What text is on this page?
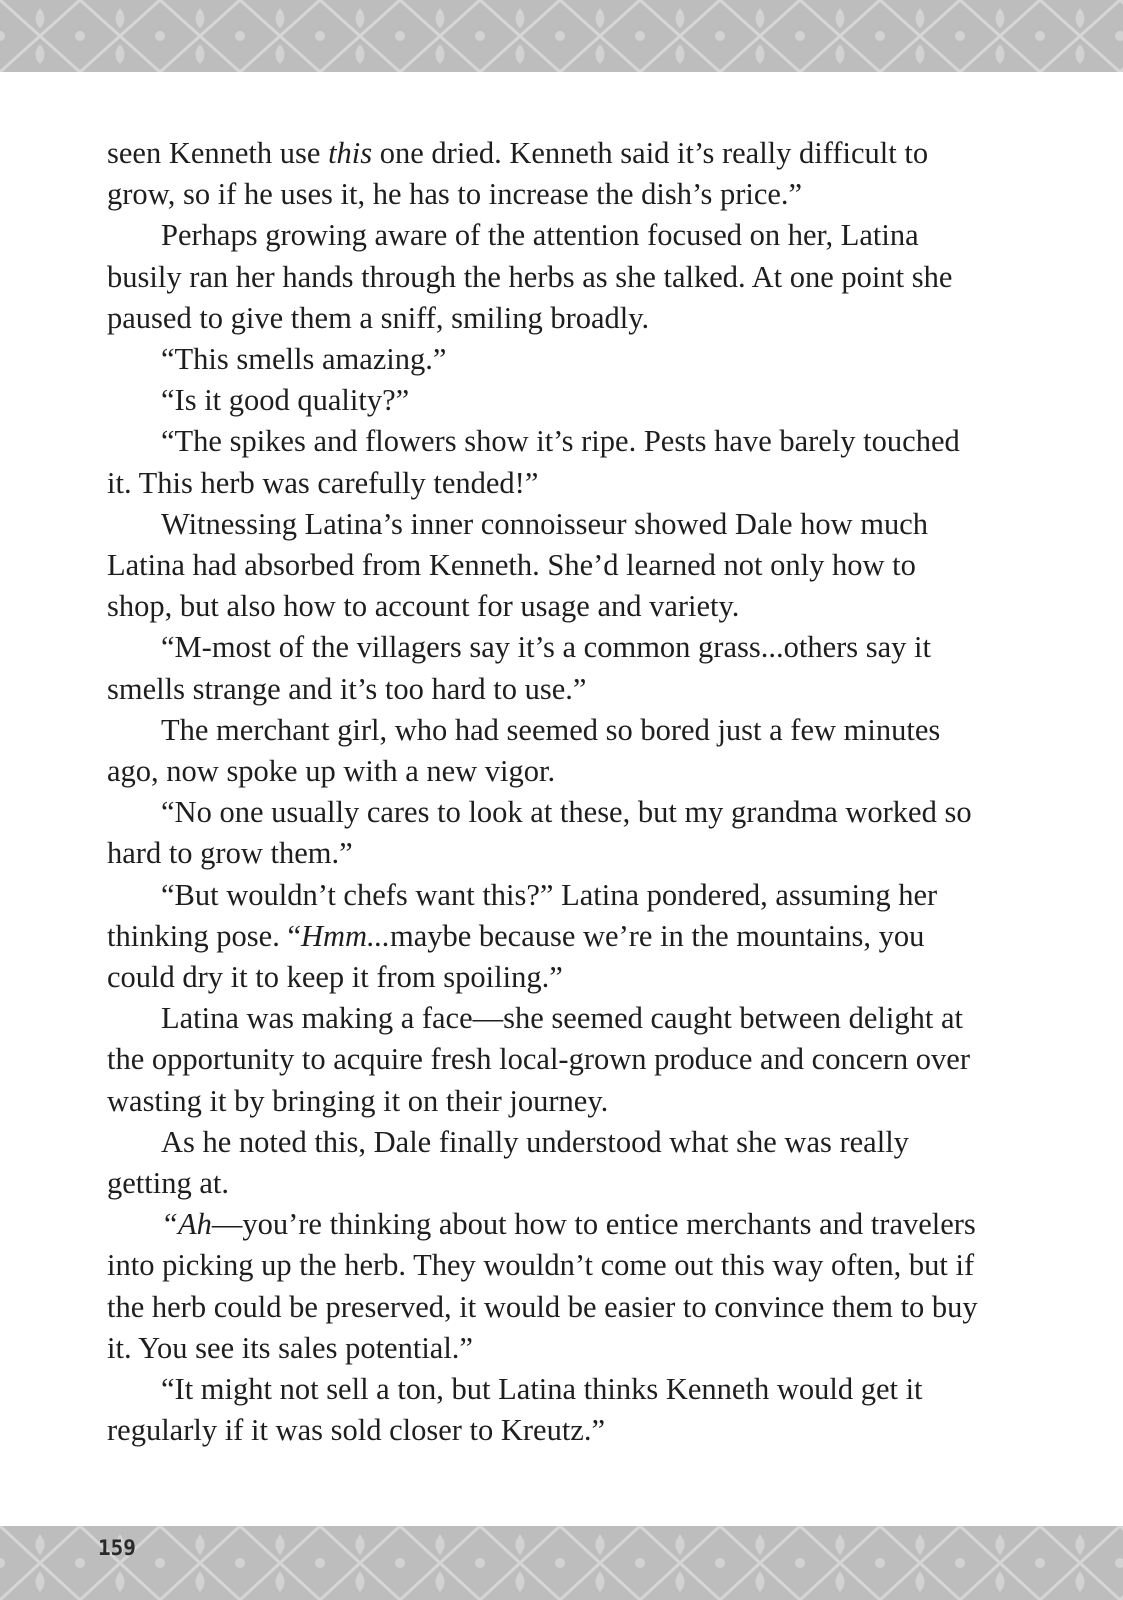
seen Kenneth use this one dried. Kenneth said it’s really difficult to grow, so if he uses it, he has to increase the dish’s price.”

Perhaps growing aware of the attention focused on her, Latina busily ran her hands through the herbs as she talked. At one point she paused to give them a sniff, smiling broadly.

“This smells amazing.”

“Is it good quality?”

“The spikes and flowers show it’s ripe. Pests have barely touched it. This herb was carefully tended!”

Witnessing Latina’s inner connoisseur showed Dale how much Latina had absorbed from Kenneth. She’d learned not only how to shop, but also how to account for usage and variety.

“M-most of the villagers say it’s a common grass...others say it smells strange and it’s too hard to use.”

The merchant girl, who had seemed so bored just a few minutes ago, now spoke up with a new vigor.

“No one usually cares to look at these, but my grandma worked so hard to grow them.”

“But wouldn’t chefs want this?” Latina pondered, assuming her thinking pose. “Hmm...maybe because we’re in the mountains, you could dry it to keep it from spoiling.”

Latina was making a face—she seemed caught between delight at the opportunity to acquire fresh local-grown produce and concern over wasting it by bringing it on their journey.

As he noted this, Dale finally understood what she was really getting at.

“Ah—you’re thinking about how to entice merchants and travelers into picking up the herb. They wouldn’t come out this way often, but if the herb could be preserved, it would be easier to convince them to buy it. You see its sales potential.”

“It might not sell a ton, but Latina thinks Kenneth would get it regularly if it was sold closer to Kreutz.”

159
